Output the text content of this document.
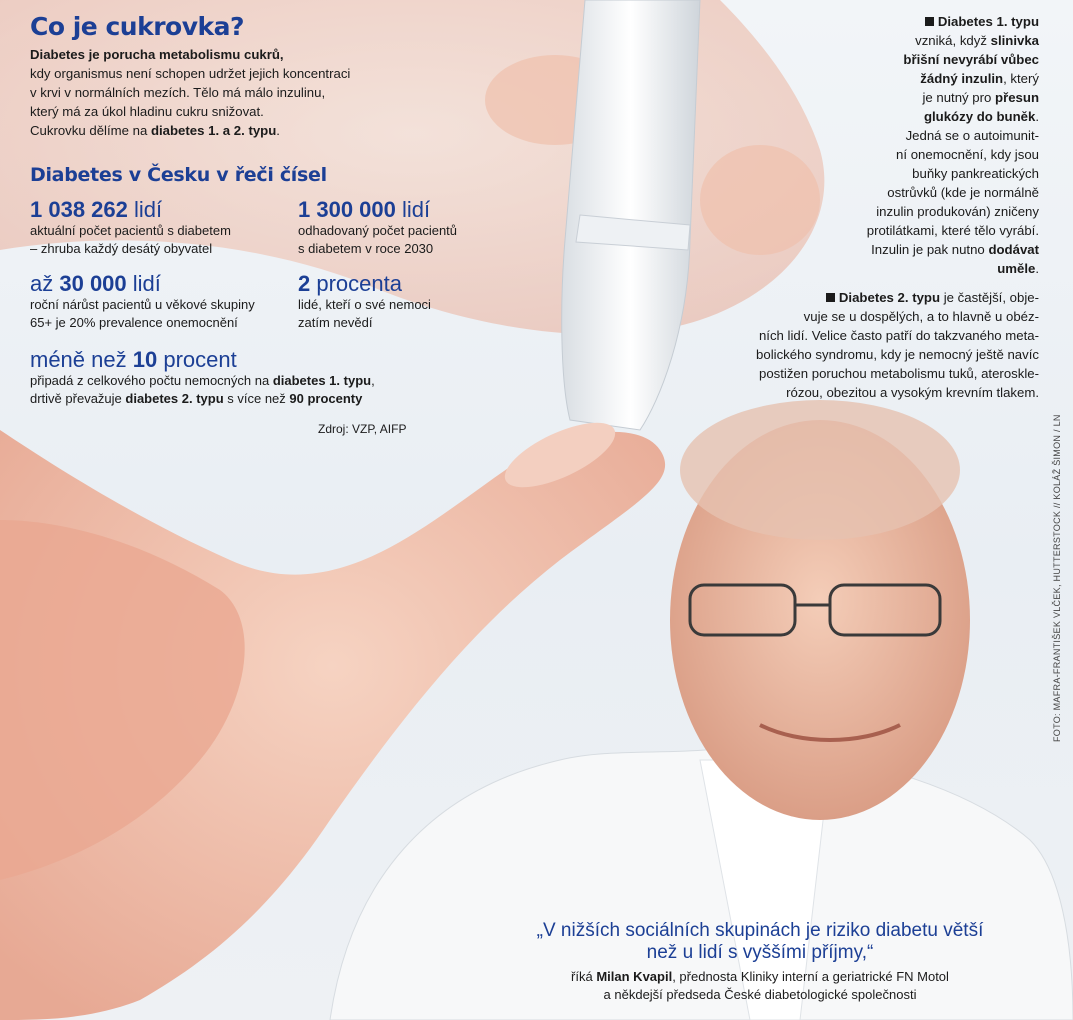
Co je cukrovka?
Diabetes je porucha metabolismu cukrů,
kdy organismus není schopen udržet jejich koncentraci
v krvi v normálních mezích. Tělo má málo inzulinu,
který má za úkol hladinu cukru snižovat.
Cukrovku dělíme na diabetes 1. a 2. typu.
Diabetes v Česku v řeči čísel
1 038 262 lidí
aktuální počet pacientů s diabetem
– zhruba každý desátý obyvatel
1 300 000 lidí
odhadovaný počet pacientů
s diabetem v roce 2030
až 30 000 lidí
roční nárůst pacientů u věkové skupiny
65+ je 20% prevalence onemocnění
2 procenta
lidé, kteří o své nemoci
zatím nevědí
méně než 10 procent
připadá z celkového počtu nemocných na diabetes 1. typu,
drtivě převažuje diabetes 2. typu s více než 90 procenty
Zdroj: VZP, AIFP
Diabetes 1. typu
vzniká, když slinivka
břišní nevyrábí vůbec
žádný inzulin, který
je nutný pro přesun
glukózy do buněk.
Jedná se o autoimunit-
ní onemocnění, kdy jsou
buňky pankreatických
ostrůvků (kde je normálně
inzulin produkován) zničeny
protilátkami, které tělo vyrábí.
Inzulin je pak nutno dodávat
uměle.
Diabetes 2. typu je častější, obje-
vuje se u dospělých, a to hlavně u obéz-
ních lidí. Velice často patří do takzvaného meta-
bolického syndromu, kdy je nemocný ještě navíc
postižen poruchou metabolismu tuků, ateroskle-
rózou, obezitou a vysokým krevním tlakem.
„V nižších sociálních skupinách je riziko diabetu větší
než u lidí s vyššími příjmy,“
říká Milan Kvapil, přednosta Kliniky interní a geriatrické FN Motol
a někdejší předseda České diabetologické společnosti
FOTO: MAFRA-FRANTIŠEK VLČEK, HUTTERSTOCK // KOLÁŽ ŠIMON / LN
